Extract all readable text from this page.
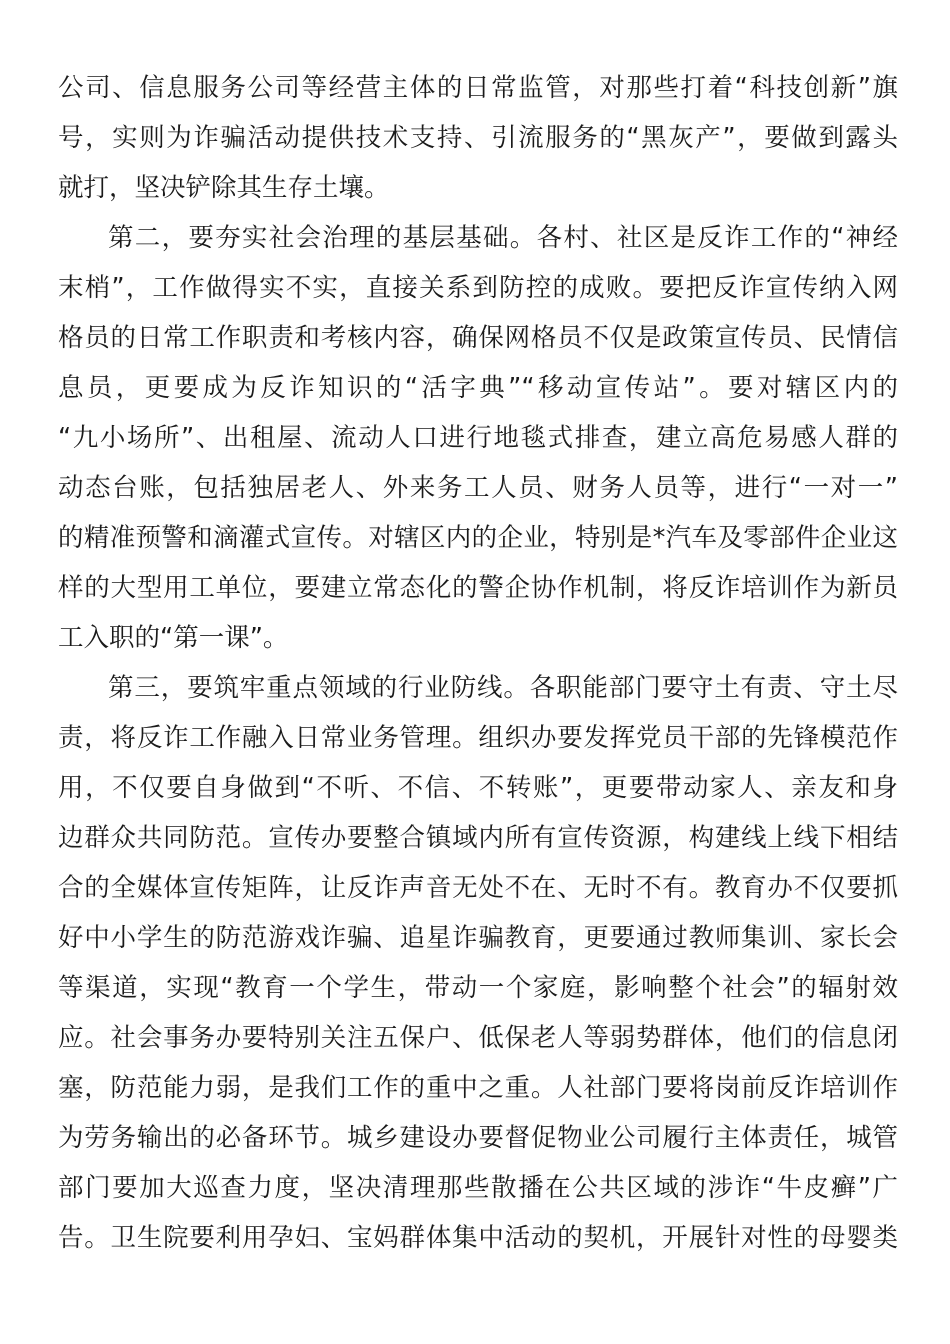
公司、信息服务公司等经营主体的日常监管，对那些打着“科技创新”旗
号，实则为诈骗活动提供技术支持、引流服务的“黑灰产”，要做到露头
就打，坚决铲除其生存土壤。
第二，要夯实社会治理的基层基础。各村、社区是反诈工作的“神经
末梢”，工作做得实不实，直接关系到防控的成败。要把反诈宣传纳入网
格员的日常工作职责和考核内容，确保网格员不仅是政策宣传员、民情信
息员，更要成为反诈知识的“活字典”“移动宣传站”。要对辖区内的
“九小场所”、出租屋、流动人口进行地毯式排查，建立高危易感人群的
动态台账，包括独居老人、外来务工人员、财务人员等，进行“一对一”
的精准预警和滴灌式宣传。对辖区内的企业，特别是*汽车及零部件企业这
样的大型用工单位，要建立常态化的警企协作机制，将反诈培训作为新员
工入职的“第一课”。
第三，要筑牢重点领域的行业防线。各职能部门要守土有责、守土尽
责，将反诈工作融入日常业务管理。组织办要发挥党员干部的先锋模范作
用，不仅要自身做到“不听、不信、不转账”，更要带动家人、亲友和身
边群众共同防范。宣传办要整合镇域内所有宣传资源，构建线上线下相结
合的全媒体宣传矩阵，让反诈声音无处不在、无时不有。教育办不仅要抓
好中小学生的防范游戏诈骗、追星诈骗教育，更要通过教师集训、家长会
等渠道，实现“教育一个学生，带动一个家庭，影响整个社会”的辐射效
应。社会事务办要特别关注五保户、低保老人等弱势群体，他们的信息闭
塞，防范能力弱，是我们工作的重中之重。人社部门要将岗前反诈培训作
为劳务输出的必备环节。城乡建设办要督促物业公司履行主体责任，城管
部门要加大巡查力度，坚决清理那些散播在公共区域的涉诈“牛皮癣”广
告。卫生院要利用孕妇、宝妈群体集中活动的契机，开展针对性的母婴类
